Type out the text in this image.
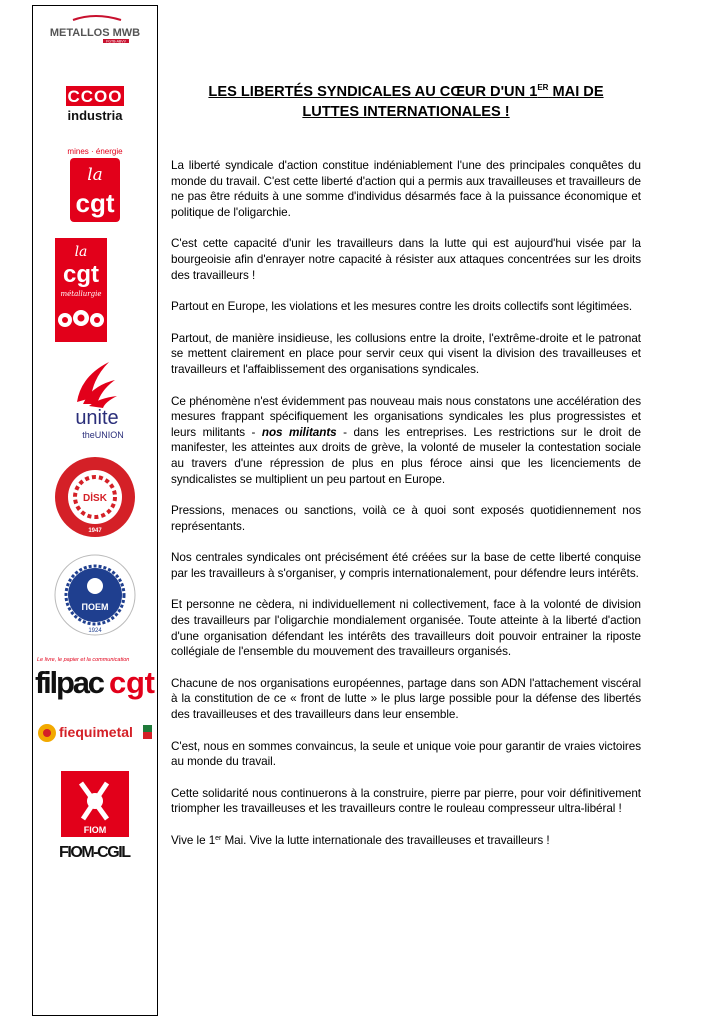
METALLOS MWB
FGTB-ABVV
CCOO
industria
mines · énergie
la
cgt
la
cgt
métallurgie
unite
theUNION
DİSK
1947
ΠΟΕΜ
1924
Le livre, le papier et la communication
filpac cgt
fiequimetal
FIOM
FIOM-CGIL
LES LIBERTÉS SYNDICALES AU CŒUR D'UN 1ER MAI DE
LUTTES INTERNATIONALES !

La liberté syndicale d'action constitue indéniablement l'une des principales conquêtes du monde du travail. C'est cette liberté d'action qui a permis aux travailleuses et travailleurs de ne pas être réduits à une somme d'individus désarmés face à la puissance économique et politique de l'oligarchie.

C'est cette capacité d'unir les travailleurs dans la lutte qui est aujourd'hui visée par la bourgeoisie afin d'enrayer notre capacité à résister aux attaques concentrées sur les droits des travailleurs !

Partout en Europe, les violations et les mesures contre les droits collectifs sont légitimées.

Partout, de manière insidieuse, les collusions entre la droite, l'extrême-droite et le patronat se mettent clairement en place pour servir ceux qui visent la division des travailleuses et travailleurs et l'affaiblissement des organisations syndicales.

Ce phénomène n'est évidemment pas nouveau mais nous constatons une accélération des mesures frappant spécifiquement les organisations syndicales les plus progressistes et leurs militants - nos militants - dans les entreprises. Les restrictions sur le droit de manifester, les atteintes aux droits de grève, la volonté de museler la contestation sociale au travers d'une répression de plus en plus féroce ainsi que les licenciements de syndicalistes se multiplient un peu partout en Europe.

Pressions, menaces ou sanctions, voilà ce à quoi sont exposés quotidiennement nos représentants.

Nos centrales syndicales ont précisément été créées sur la base de cette liberté conquise par les travailleurs à s'organiser, y compris internationalement, pour défendre leurs intérêts.

Et personne ne cèdera, ni individuellement ni collectivement, face à la volonté de division des travailleurs par l'oligarchie mondialement organisée. Toute atteinte à la liberté d'action d'une organisation défendant les intérêts des travailleurs doit pouvoir entrainer la riposte collégiale de l'ensemble du mouvement des travailleurs organisés.

Chacune de nos organisations européennes, partage dans son ADN l'attachement viscéral à la constitution de ce « front de lutte » le plus large possible pour la défense des libertés des travailleuses et des travailleurs dans leur ensemble.

C'est, nous en sommes convaincus, la seule et unique voie pour garantir de vraies victoires au monde du travail.

Cette solidarité nous continuerons à la construire, pierre par pierre, pour voir définitivement triompher les travailleuses et les travailleurs contre le rouleau compresseur ultra-libéral !

Vive le 1er Mai. Vive la lutte internationale des travailleuses et travailleurs !
